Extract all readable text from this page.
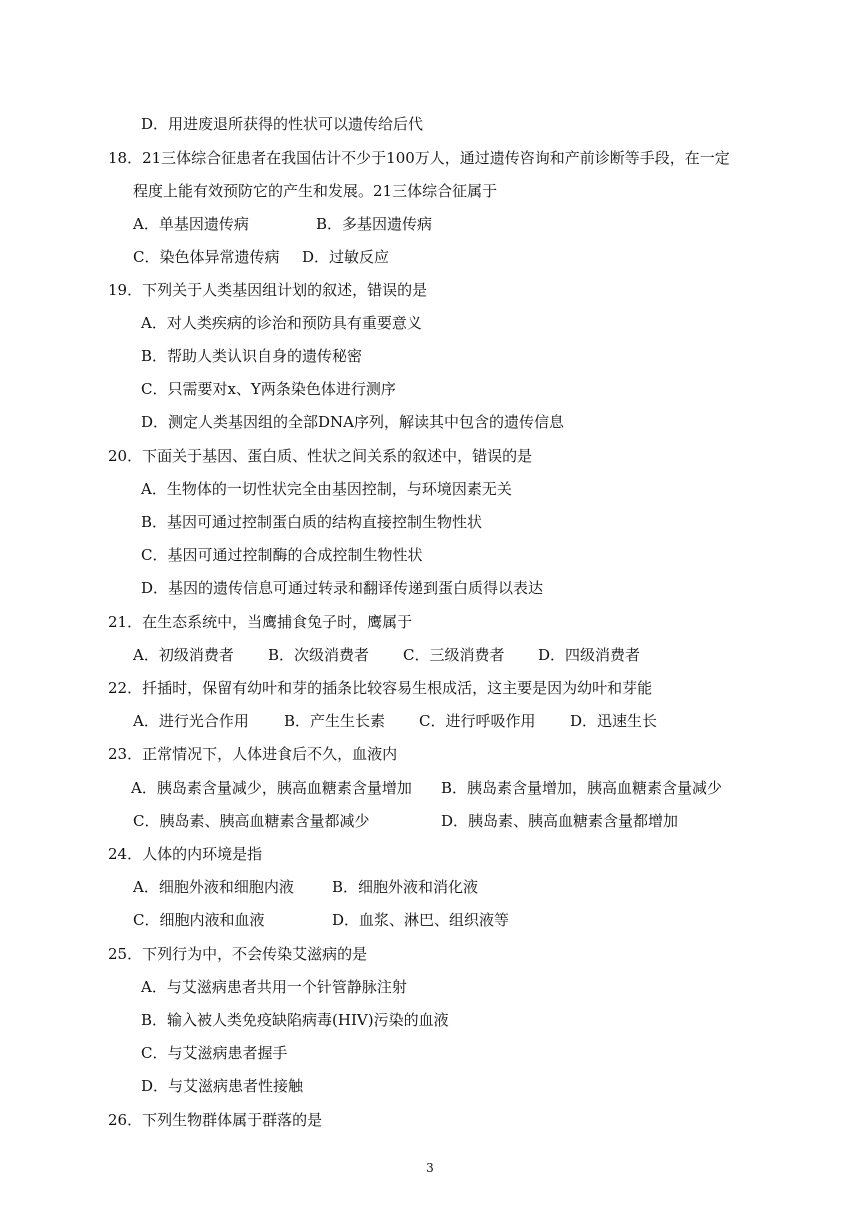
D．用进废退所获得的性状可以遗传给后代
18．21三体综合征患者在我国估计不少于100万人，通过遗传咨询和产前诊断等手段，在一定
程度上能有效预防它的产生和发展。21三体综合征属于
A．单基因遗传病	B．多基因遗传病
C．染色体异常遗传病 D．过敏反应
19．下列关于人类基因组计划的叙述，错误的是
A．对人类疾病的诊治和预防具有重要意义
B．帮助人类认识自身的遗传秘密
C．只需要对x、Y两条染色体进行测序
D．测定人类基因组的全部DNA序列，解读其中包含的遗传信息
20．下面关于基因、蛋白质、性状之间关系的叙述中，错误的是
A．生物体的一切性状完全由基因控制，与环境因素无关
B．基因可通过控制蛋白质的结构直接控制生物性状
C．基因可通过控制酶的合成控制生物性状
D．基因的遗传信息可通过转录和翻译传递到蛋白质得以表达
21．在生态系统中，当鹰捕食兔子时，鹰属于
A．初级消费者 B．次级消费者 C．三级消费者 D．四级消费者
22．扦插时，保留有幼叶和芽的插条比较容易生根成活，这主要是因为幼叶和芽能
A．进行光合作用 B．产生生长素 C．进行呼吸作用 D．迅速生长
23．正常情况下，人体进食后不久，血液内
A．胰岛素含量减少，胰高血糖素含量增加 B．胰岛素含量增加，胰高血糖素含量减少
C．胰岛素、胰高血糖素含量都减少	D．胰岛素、胰高血糖素含量都增加
24．人体的内环境是指
A．细胞外液和细胞内液	B．细胞外液和消化液
C．细胞内液和血液	D．血浆、淋巴、组织液等
25．下列行为中，不会传染艾滋病的是
A．与艾滋病患者共用一个针管静脉注射
B．输入被人类免疫缺陷病毒(HIV)污染的血液
C．与艾滋病患者握手
D．与艾滋病患者性接触
26．下列生物群体属于群落的是
3
